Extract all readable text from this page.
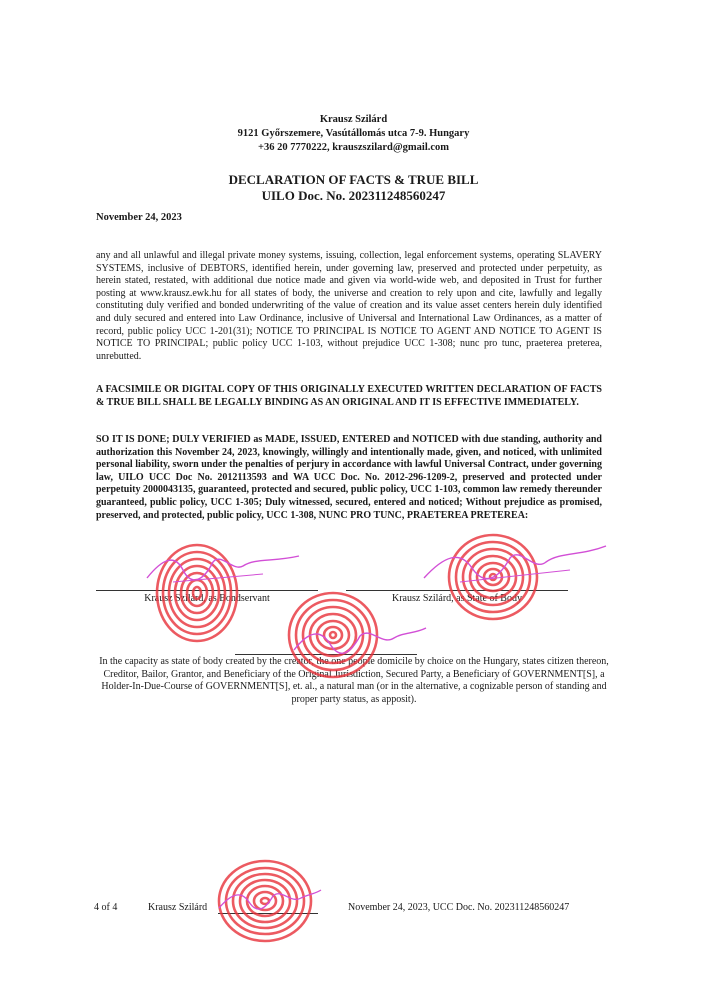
Krausz Szilárd
9121 Győrszemere, Vasútállomás utca 7-9. Hungary
+36 20 7770222, krauszszilard@gmail.com
DECLARATION OF FACTS & TRUE BILL
UILO Doc. No. 202311248560247
November 24, 2023
any and all unlawful and illegal private money systems, issuing, collection, legal enforcement systems, operating SLAVERY SYSTEMS, inclusive of DEBTORS, identified herein, under governing law, preserved and protected under perpetuity, as herein stated, restated, with additional due notice made and given via world-wide web, and deposited in Trust for further posting at www.krausz.ewk.hu for all states of body, the universe and creation to rely upon and cite, lawfully and legally constituting duly verified and bonded underwriting of the value of creation and its value asset centers herein duly identified and duly secured and entered into Law Ordinance, inclusive of Universal and International Law Ordinances, as a matter of record, public policy UCC 1-201(31); NOTICE TO PRINCIPAL IS NOTICE TO AGENT AND NOTICE TO AGENT IS NOTICE TO PRINCIPAL; public policy UCC 1-103, without prejudice UCC 1-308; nunc pro tunc, praeterea preterea, unrebutted.
A FACSIMILE OR DIGITAL COPY OF THIS ORIGINALLY EXECUTED WRITTEN DECLARATION OF FACTS & TRUE BILL SHALL BE LEGALLY BINDING AS AN ORIGINAL AND IT IS EFFECTIVE IMMEDIATELY.
SO IT IS DONE; DULY VERIFIED as MADE, ISSUED, ENTERED and NOTICED with due standing, authority and authorization this November 24, 2023, knowingly, willingly and intentionally made, given, and noticed, with unlimited personal liability, sworn under the penalties of perjury in accordance with lawful Universal Contract, under governing law, UILO UCC Doc No. 2012113593 and WA UCC Doc. No. 2012-296-1209-2, preserved and protected under perpetuity 2000043135, guaranteed, protected and secured, public policy, UCC 1-103, common law remedy thereunder guaranteed, public policy, UCC 1-305; Duly witnessed, secured, entered and noticed; Without prejudice as promised, preserved, and protected, public policy, UCC 1-308, NUNC PRO TUNC, PRAETEREA PRETEREA:
Krausz Szilárd, as Bondservant	Krausz Szilárd, as State of Body
In the capacity as state of body created by the creator, the one people domicile by choice on the Hungary, states citizen thereon, Creditor, Bailor, Grantor, and Beneficiary of the Original Jurisdiction, Secured Party, a Beneficiary of GOVERNMENT[S], a Holder-In-Due-Course of GOVERNMENT[S], et. al., a natural man (or in the alternative, a cognizable person of standing and proper party status, as apposit).
4 of 4	Krausz Szilárd	November 24, 2023, UCC Doc. No. 202311248560247
